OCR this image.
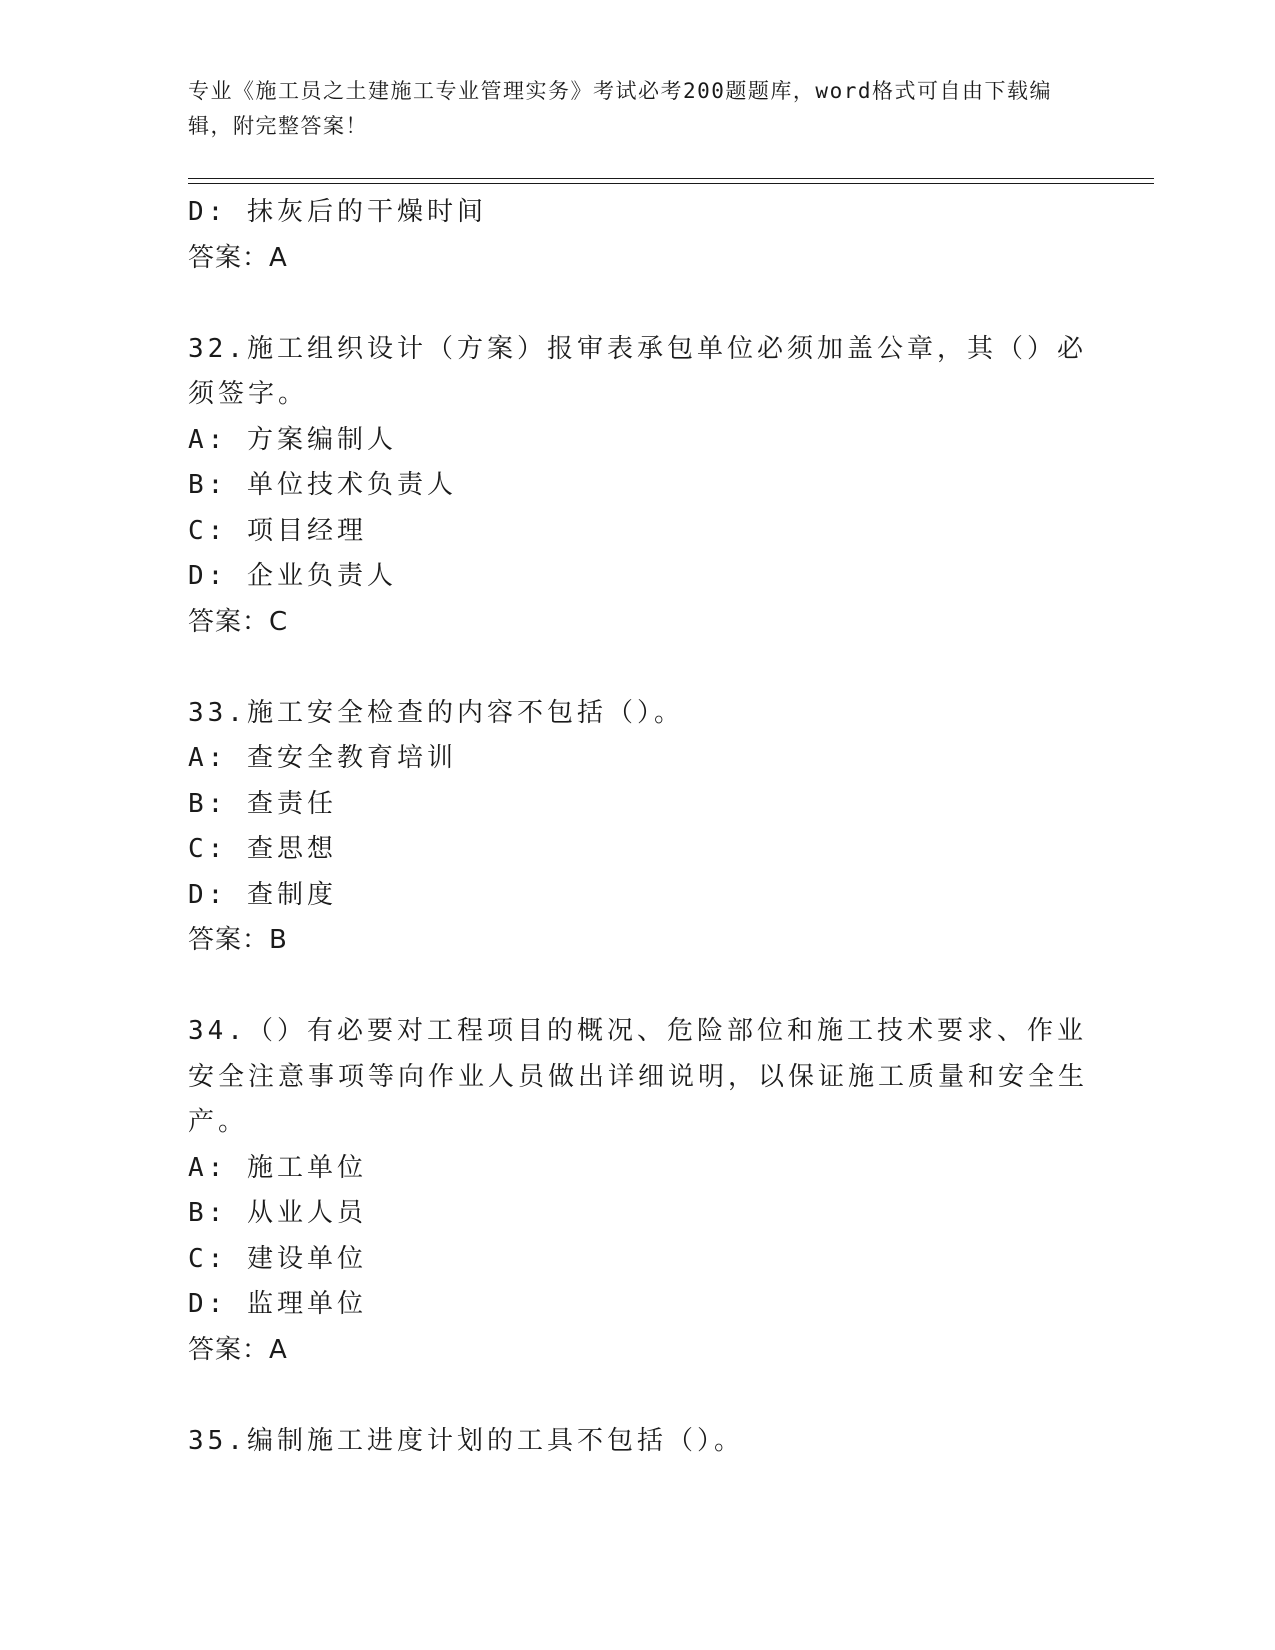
专业《施工员之土建施工专业管理实务》考试必考200题题库，word格式可自由下载编辑，附完整答案！
D: 抹灰后的干燥时间
答案：A
32.施工组织设计（方案）报审表承包单位必须加盖公章，其（）必须签字。
A: 方案编制人
B: 单位技术负责人
C: 项目经理
D: 企业负责人
答案：C
33.施工安全检查的内容不包括（）。
A: 查安全教育培训
B: 查责任
C: 查思想
D: 查制度
答案：B
34.（）有必要对工程项目的概况、危险部位和施工技术要求、作业安全注意事项等向作业人员做出详细说明，以保证施工质量和安全生产。
A: 施工单位
B: 从业人员
C: 建设单位
D: 监理单位
答案：A
35.编制施工进度计划的工具不包括（）。
